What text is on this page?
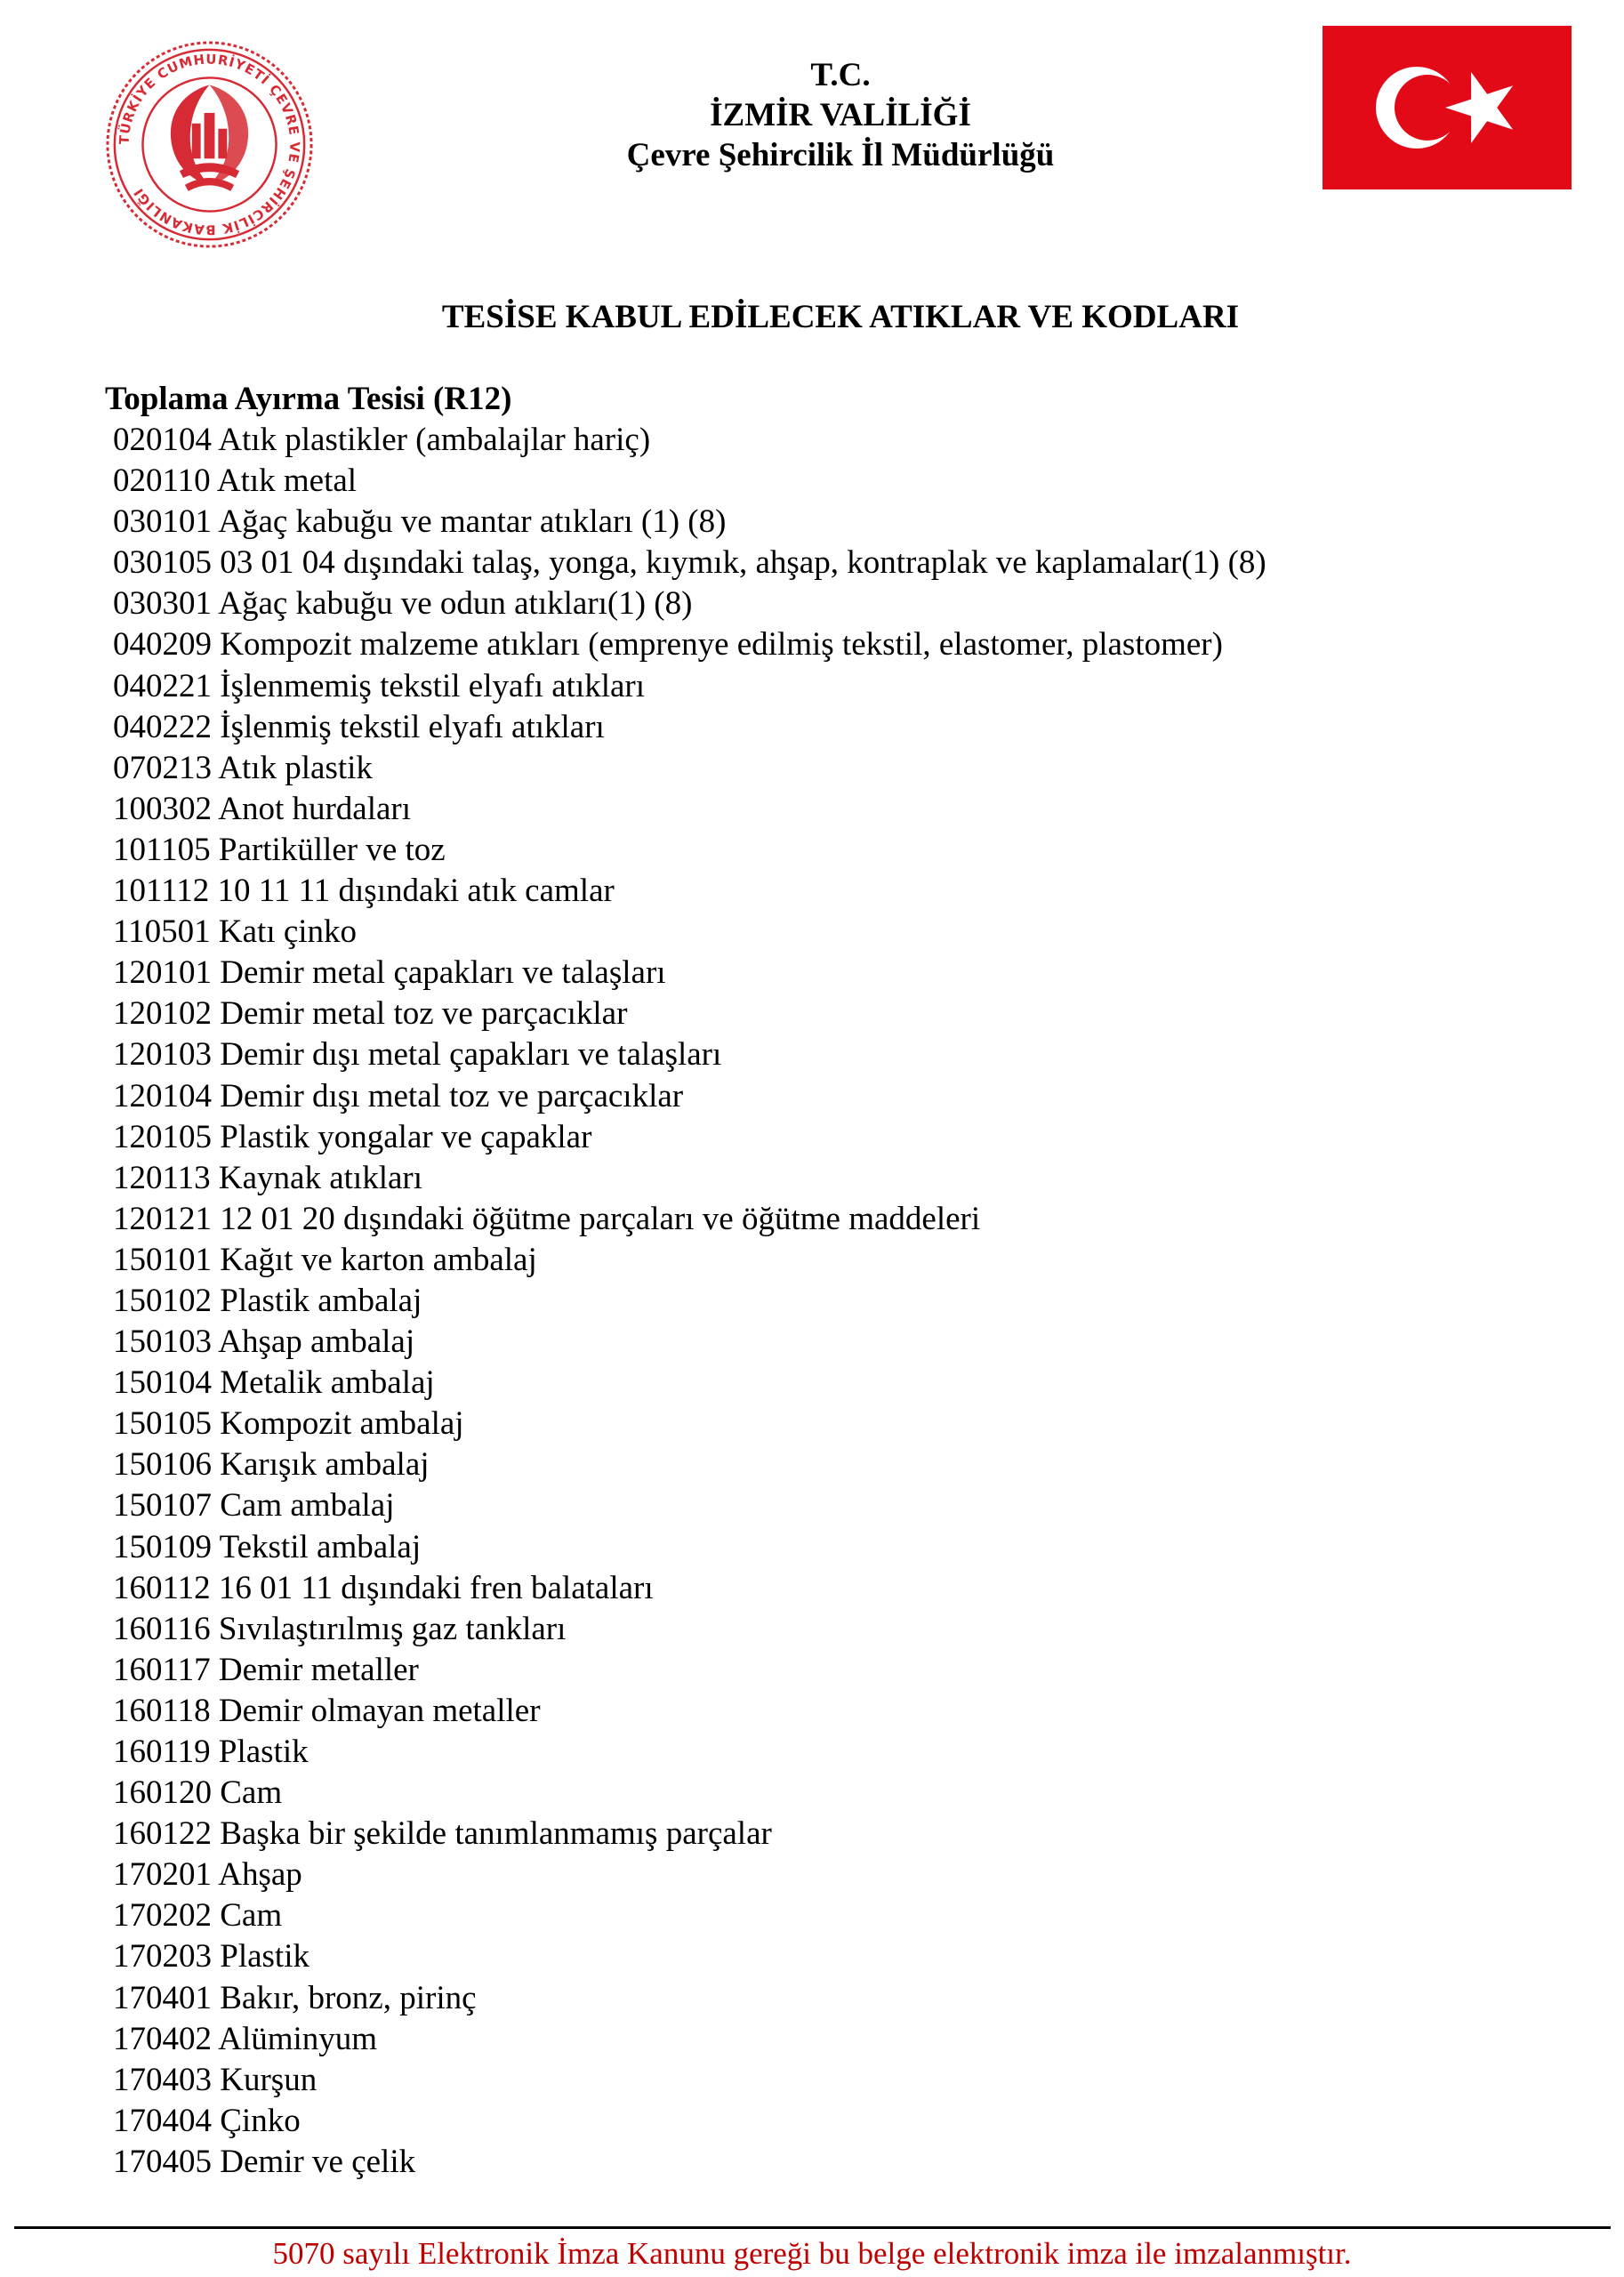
TÜRKİYE CUMHURİYETİ ÇEVRE VE ŞEHİRCİLİK BAKANLIĞI
T.C.
İZMİR VALİLİĞİ
Çevre Şehircilik İl Müdürlüğü
TESİSE KABUL EDİLECEK ATIKLAR VE KODLARI
Toplama Ayırma Tesisi (R12)
020104 Atık plastikler (ambalajlar hariç)
020110 Atık metal
030101 Ağaç kabuğu ve mantar atıkları (1) (8)
030105 03 01 04 dışındaki talaş, yonga, kıymık, ahşap, kontraplak ve kaplamalar(1) (8)
030301 Ağaç kabuğu ve odun atıkları(1) (8)
040209 Kompozit malzeme atıkları (emprenye edilmiş tekstil, elastomer, plastomer)
040221 İşlenmemiş tekstil elyafı atıkları
040222 İşlenmiş tekstil elyafı atıkları
070213 Atık plastik
100302 Anot hurdaları
101105 Partiküller ve toz
101112 10 11 11 dışındaki atık camlar
110501 Katı çinko
120101 Demir metal çapakları ve talaşları
120102 Demir metal toz ve parçacıklar
120103 Demir dışı metal çapakları ve talaşları
120104 Demir dışı metal toz ve parçacıklar
120105 Plastik yongalar ve çapaklar
120113 Kaynak atıkları
120121 12 01 20 dışındaki öğütme parçaları ve öğütme maddeleri
150101 Kağıt ve karton ambalaj
150102 Plastik ambalaj
150103 Ahşap ambalaj
150104 Metalik ambalaj
150105 Kompozit ambalaj
150106 Karışık ambalaj
150107 Cam ambalaj
150109 Tekstil ambalaj
160112 16 01 11 dışındaki fren balataları
160116 Sıvılaştırılmış gaz tankları
160117 Demir metaller
160118 Demir olmayan metaller
160119 Plastik
160120 Cam
160122 Başka bir şekilde tanımlanmamış parçalar
170201 Ahşap
170202 Cam
170203 Plastik
170401 Bakır, bronz, pirinç
170402 Alüminyum
170403 Kurşun
170404 Çinko
170405 Demir ve çelik
5070 sayılı Elektronik İmza Kanunu gereği bu belge elektronik imza ile imzalanmıştır.
